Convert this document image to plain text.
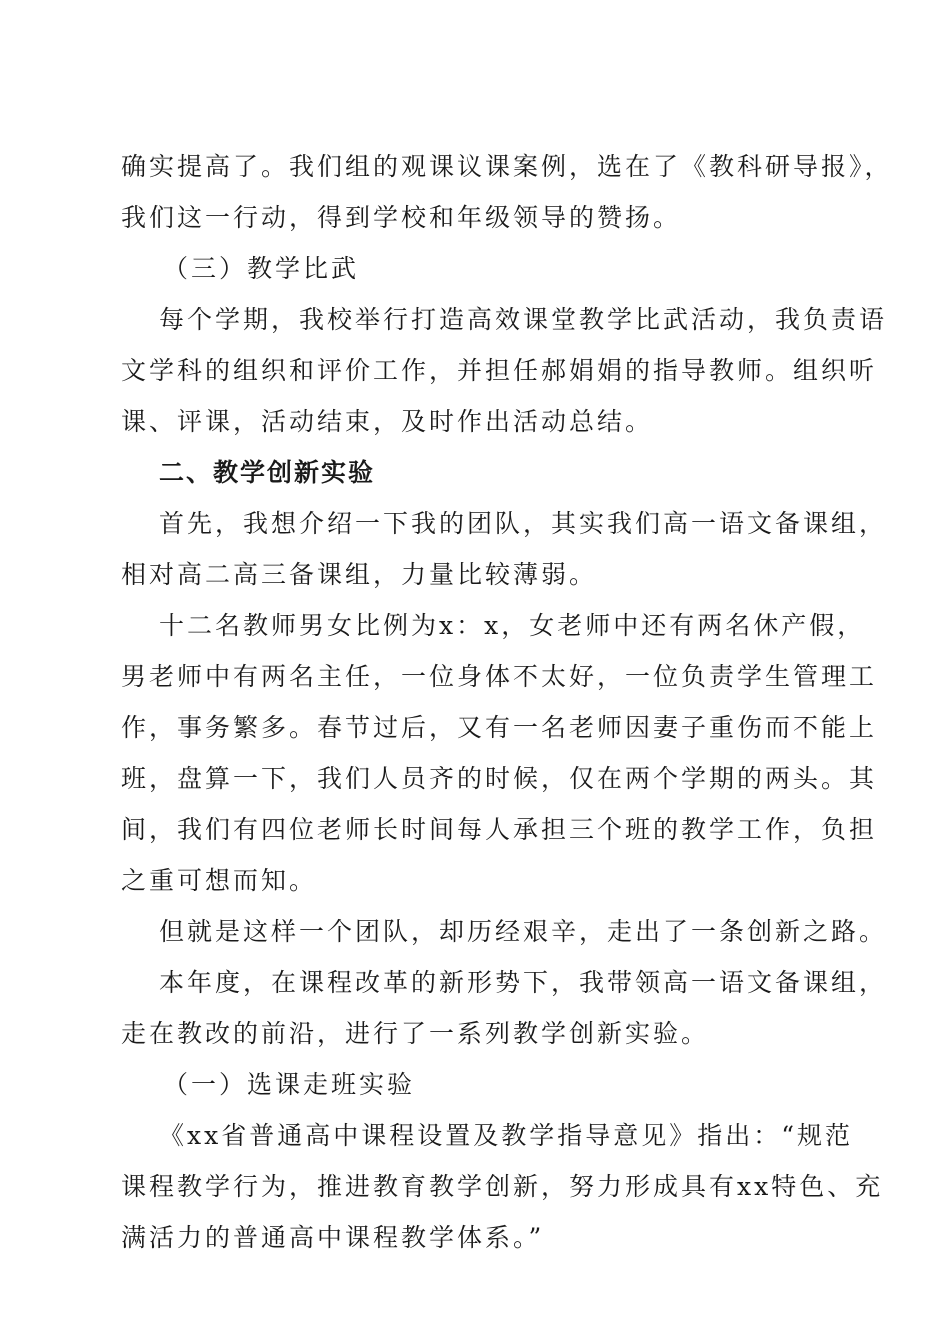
确实提高了。我们组的观课议课案例，选在了《教科研导报》，
我们这一行动，得到学校和年级领导的赞扬。
（三）教学比武
每个学期，我校举行打造高效课堂教学比武活动，我负责语
文学科的组织和评价工作，并担任郝娟娟的指导教师。组织听
课、评课，活动结束，及时作出活动总结。
二、教学创新实验
首先，我想介绍一下我的团队，其实我们高一语文备课组，
相对高二高三备课组，力量比较薄弱。
十二名教师男女比例为x：x，女老师中还有两名休产假，
男老师中有两名主任，一位身体不太好，一位负责学生管理工
作，事务繁多。春节过后，又有一名老师因妻子重伤而不能上
班，盘算一下，我们人员齐的时候，仅在两个学期的两头。其
间，我们有四位老师长时间每人承担三个班的教学工作，负担
之重可想而知。
但就是这样一个团队，却历经艰辛，走出了一条创新之路。
本年度，在课程改革的新形势下，我带领高一语文备课组，
走在教改的前沿，进行了一系列教学创新实验。
（一）选课走班实验
《xx省普通高中课程设置及教学指导意见》指出：“规范
课程教学行为，推进教育教学创新，努力形成具有xx特色、充
满活力的普通高中课程教学体系。”
